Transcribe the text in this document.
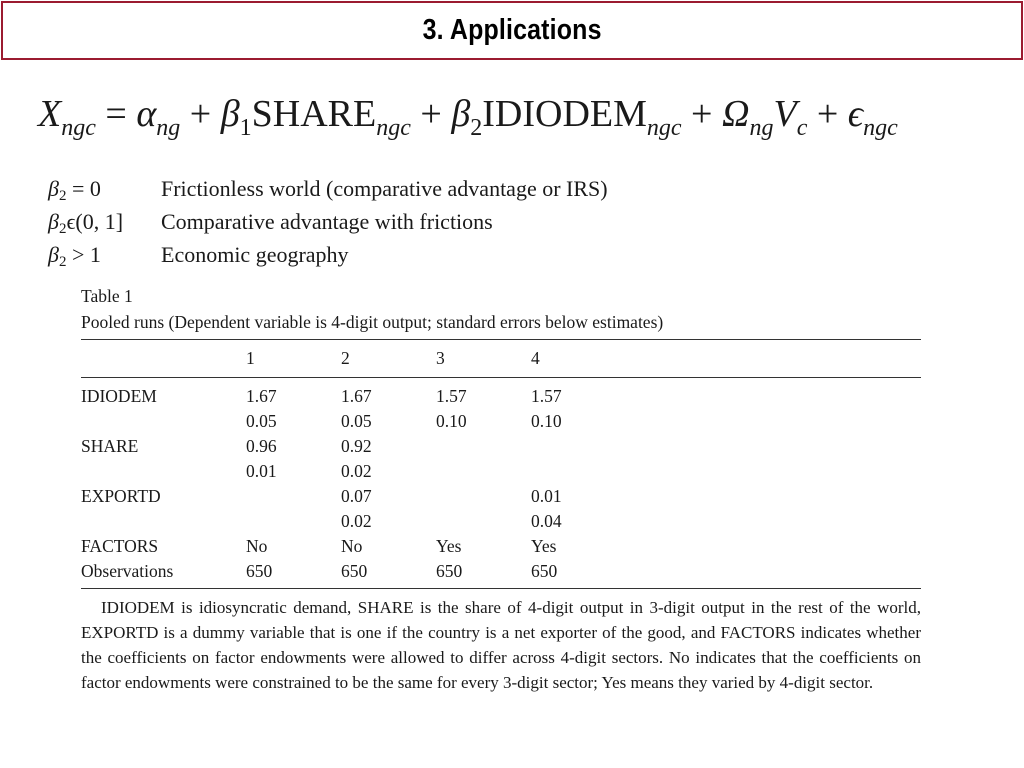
3. Applications
$X_{ngc} = \alpha_{ng}$ + $\beta_1SHARE_{ngc}$ + $\beta_2IDIODEM_{ngc} + \Omega_{ng}V_c + \epsilon_{ngc}$
$\beta_2 = 0$	Frictionless world (comparative advantage or IRS)
$\beta_2\epsilon(0$, 1]	Comparative advantage with frictions
$\beta_2 > 1$	Economic geography
Table 1
Pooled runs (Dependent variable is 4-digit output; standard errors below estimates)
	1	2	3	4
IDIODEM	1.67	1.67	1.57	1.57
	0.05	0.05	0.10	0.10
SHARE	0.96	0.92		
	0.01	0.02		
EXPORTD		0.07		0.01
		0.02		0.04
FACTORS	No	No	Yes	Yes
Observations	650	650	650	650
IDIODEM is idiosyncratic demand, SHARE is the share of 4-digit output in 3-digit output in the rest of the world, EXPORTD is a dummy variable that is one if the country is a net exporter of the good, and FACTORS indicates whether the coefficients on factor endowments were allowed to differ across 4-digit sectors. No indicates that the coefficients on factor endowments were constrained to be the same for every 3-digit sector; Yes means they varied by 4-digit sector.
